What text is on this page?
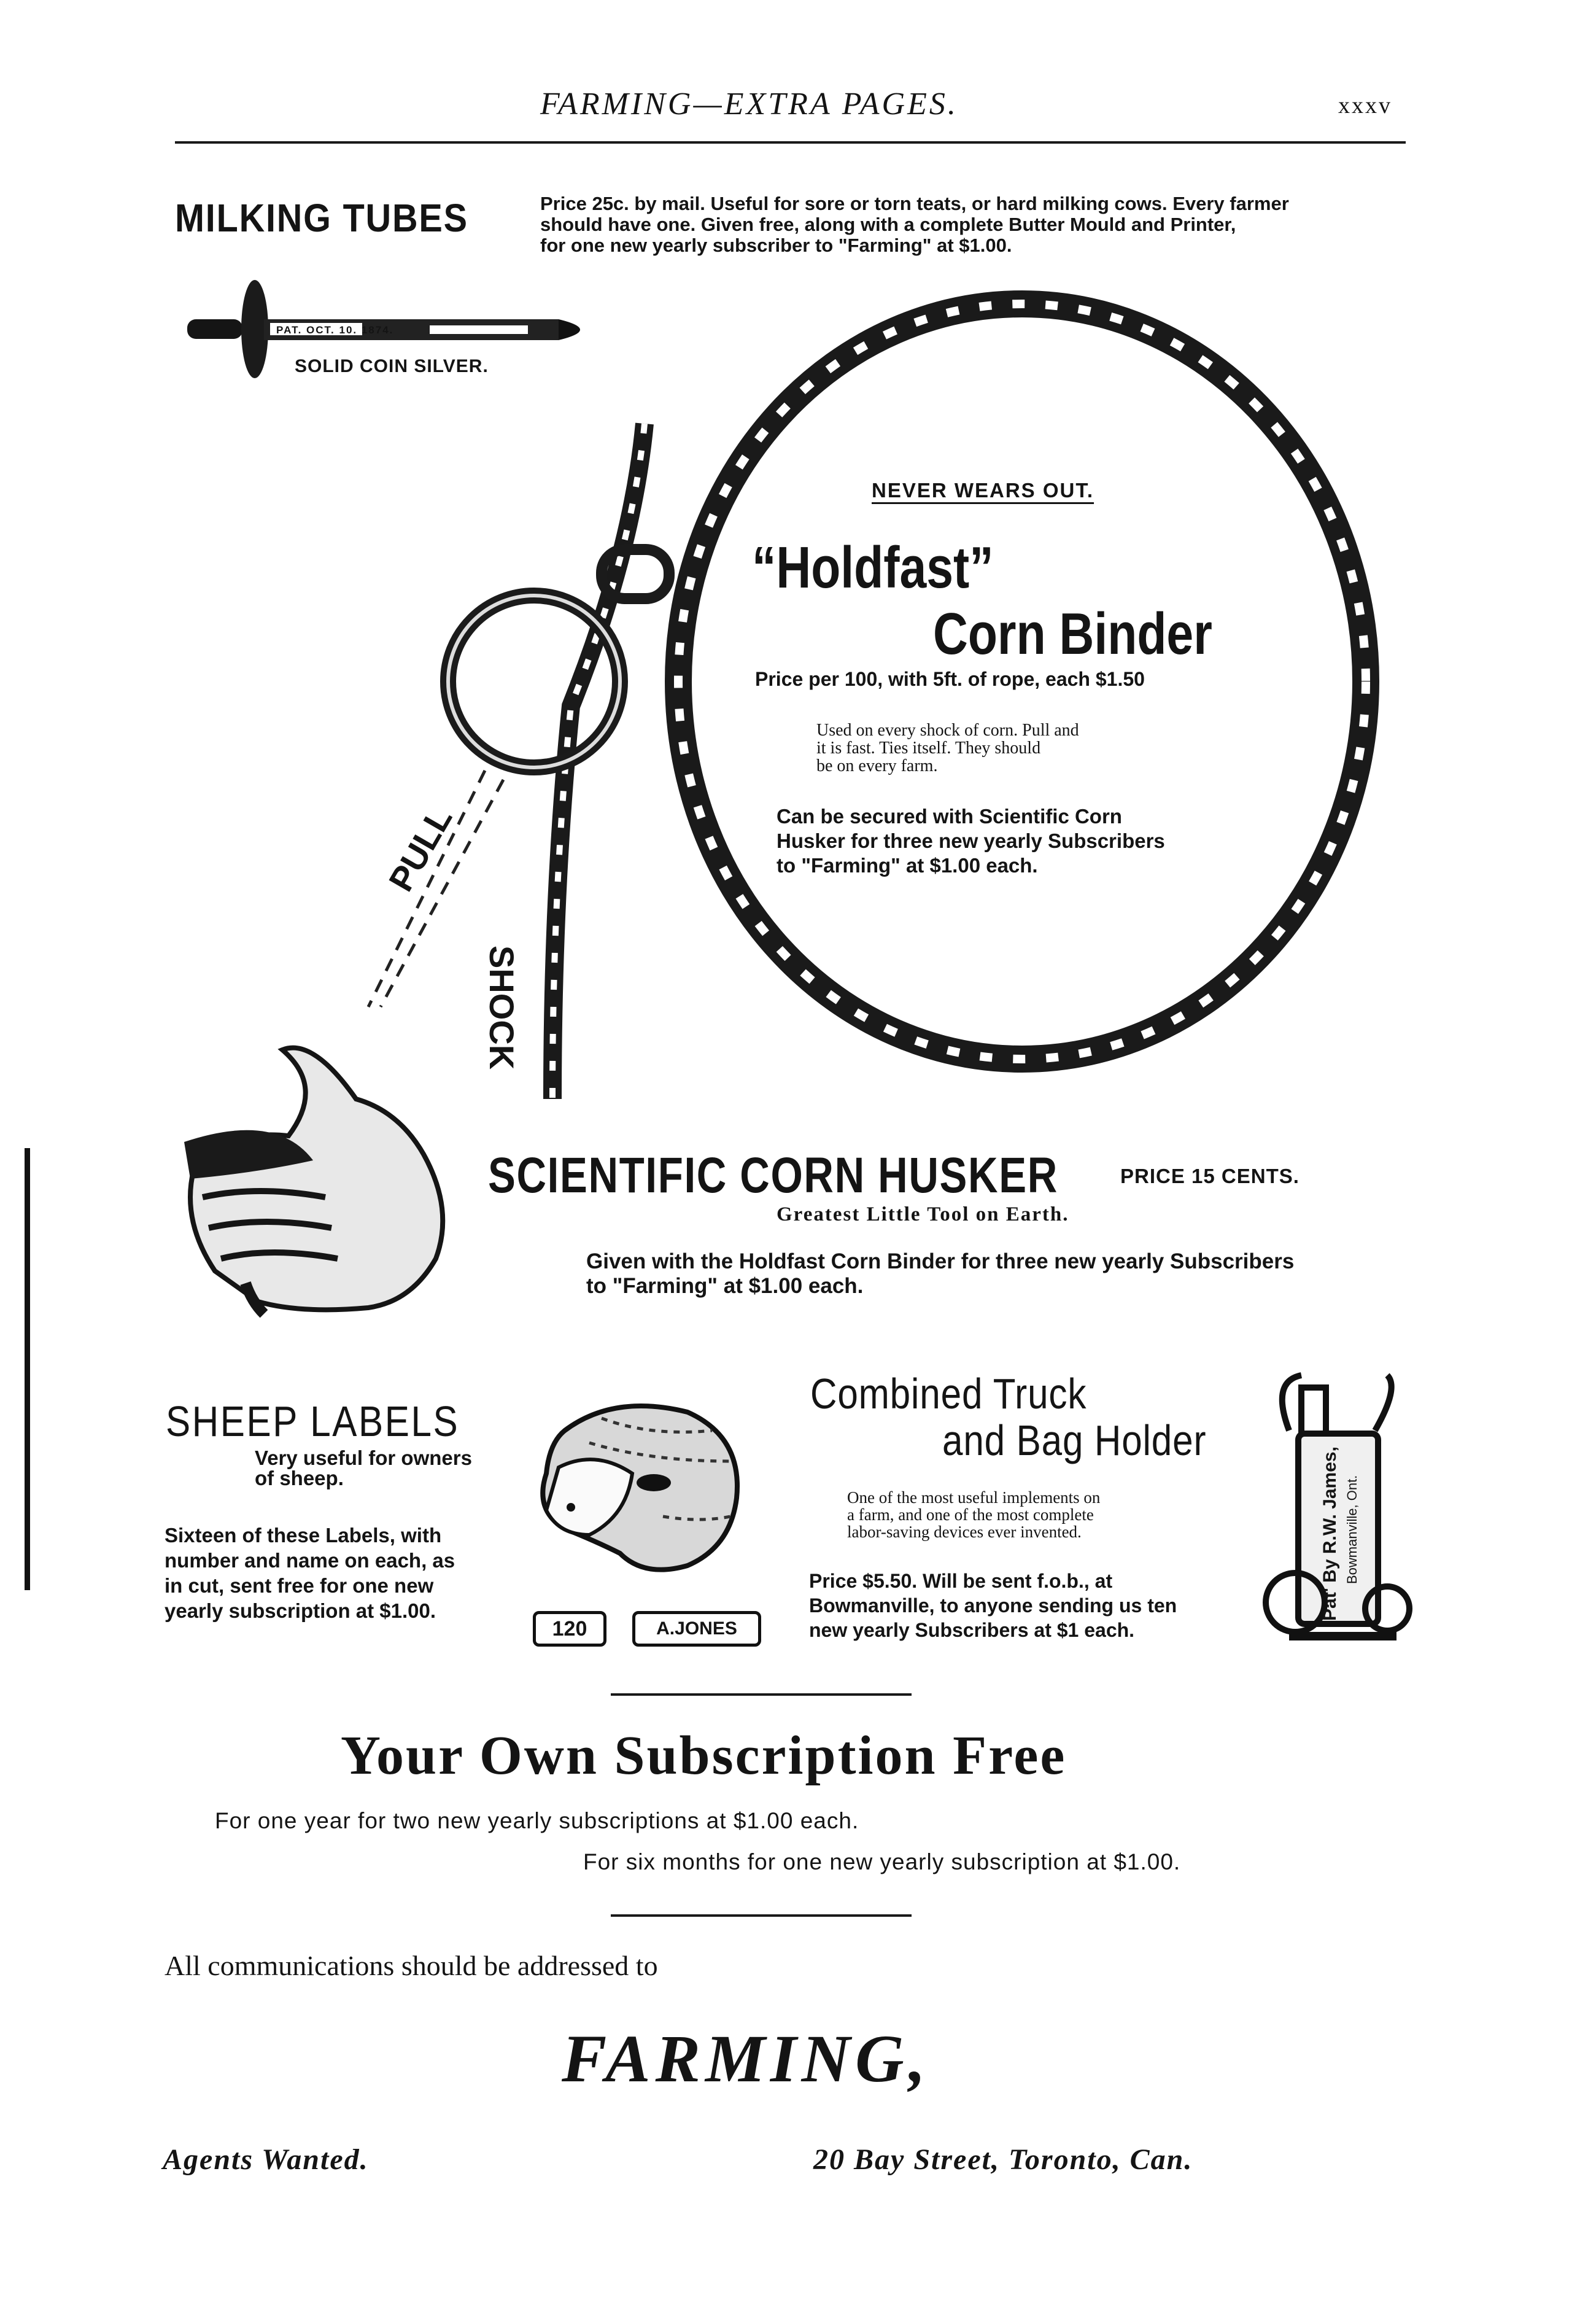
FARMING—EXTRA PAGES.	xxxv
MILKING TUBES	Price 25c. by mail. Useful for sore or torn teats, or hard milking cows. Every farmer
should have one. Given free, along with a complete Butter Mould and Printer,
for one new yearly subscriber to "Farming" at $1.00.
PAT. OCT. 10. 1874.
SOLID COIN SILVER.
PULL
SHOCK
NEVER WEARS OUT.
“Holdfast”
Corn Binder
Price per 100, with 5ft. of rope, each $1.50
Used on every shock of corn. Pull and
it is fast. Ties itself. They should
be on every farm.
Can be secured with Scientific Corn
Husker for three new yearly Subscribers
to "Farming" at $1.00 each.
SCIENTIFIC CORN HUSKER	PRICE 15 CENTS.
Greatest Little Tool on Earth.
Given with the Holdfast Corn Binder for three new yearly Subscribers
to "Farming" at $1.00 each.
SHEEP LABELS
Very useful for owners
of sheep.
Sixteen of these Labels, with
number and name on each, as
in cut, sent free for one new
yearly subscription at $1.00.
120	A.JONES
Combined Truck
and Bag Holder
One of the most useful implements on
a farm, and one of the most complete
labor-saving devices ever invented.
Price $5.50. Will be sent f.o.b., at
Bowmanville, to anyone sending us ten
new yearly Subscribers at $1 each.
Pat' By R.W. James, Bowmanville, Ont.
Your Own Subscription Free
For one year for two new yearly subscriptions at $1.00 each.
For six months for one new yearly subscription at $1.00.
All communications should be addressed to
FARMING,
Agents Wanted.	20 Bay Street, Toronto, Can.
